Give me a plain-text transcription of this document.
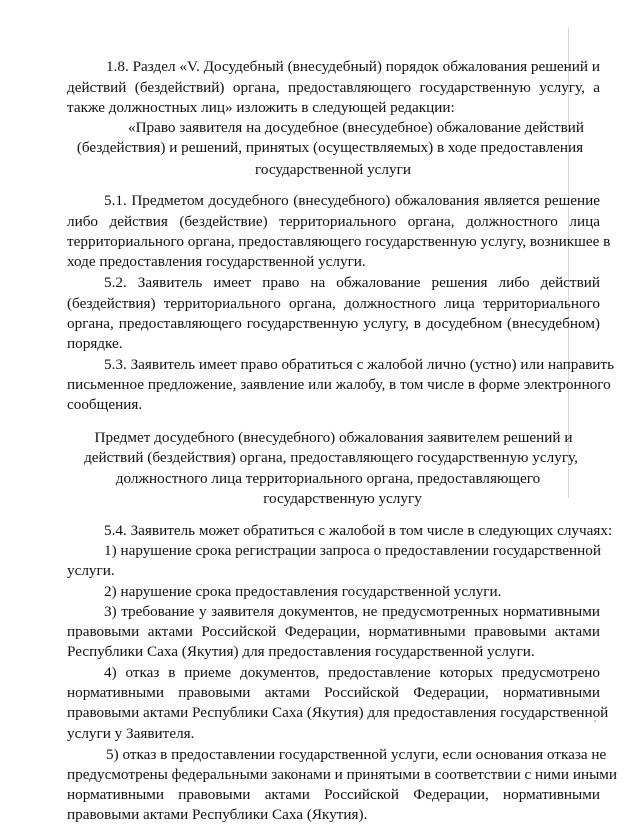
1.8. Раздел «V. Досудебный (внесудебный) порядок обжалования решений и
действий (бездействий) органа, предоставляющего государственную услугу, а
также должностных лиц» изложить в следующей редакции:
«Право заявителя на досудебное (внесудебное) обжалование действий
(бездействия) и решений, принятых (осуществляемых) в ходе предоставления
государственной услуги
5.1. Предметом досудебного (внесудебного) обжалования является решение
либо действия (бездействие) территориального органа, должностного лица
территориального органа, предоставляющего государственную услугу, возникшее в
ходе предоставления государственной услуги.
5.2. Заявитель имеет право на обжалование решения либо действий
(бездействия) территориального органа, должностного лица территориального
органа, предоставляющего государственную услугу, в досудебном (внесудебном)
порядке.
5.3. Заявитель имеет право обратиться с жалобой лично (устно) или направить
письменное предложение, заявление или жалобу, в том числе в форме электронного
сообщения.
Предмет досудебного (внесудебного) обжалования заявителем решений и
действий (бездействия) органа, предоставляющего государственную услугу,
должностного лица территориального органа, предоставляющего
государственную услугу
5.4. Заявитель может обратиться с жалобой в том числе в следующих случаях:
1) нарушение срока регистрации запроса о предоставлении государственной
услуги.
2) нарушение срока предоставления государственной услуги.
3) требование у заявителя документов, не предусмотренных нормативными
правовыми актами Российской Федерации, нормативными правовыми актами
Республики Саха (Якутия) для предоставления государственной услуги.
4) отказ в приеме документов, предоставление которых предусмотрено
нормативными правовыми актами Российской Федерации, нормативными
правовыми актами Республики Саха (Якутия) для предоставления государственной
услуги у Заявителя.
5) отказ в предоставлении государственной услуги, если основания отказа не
предусмотрены федеральными законами и принятыми в соответствии с ними иными
нормативными правовыми актами Российской Федерации, нормативными
правовыми актами Республики Саха (Якутия).
